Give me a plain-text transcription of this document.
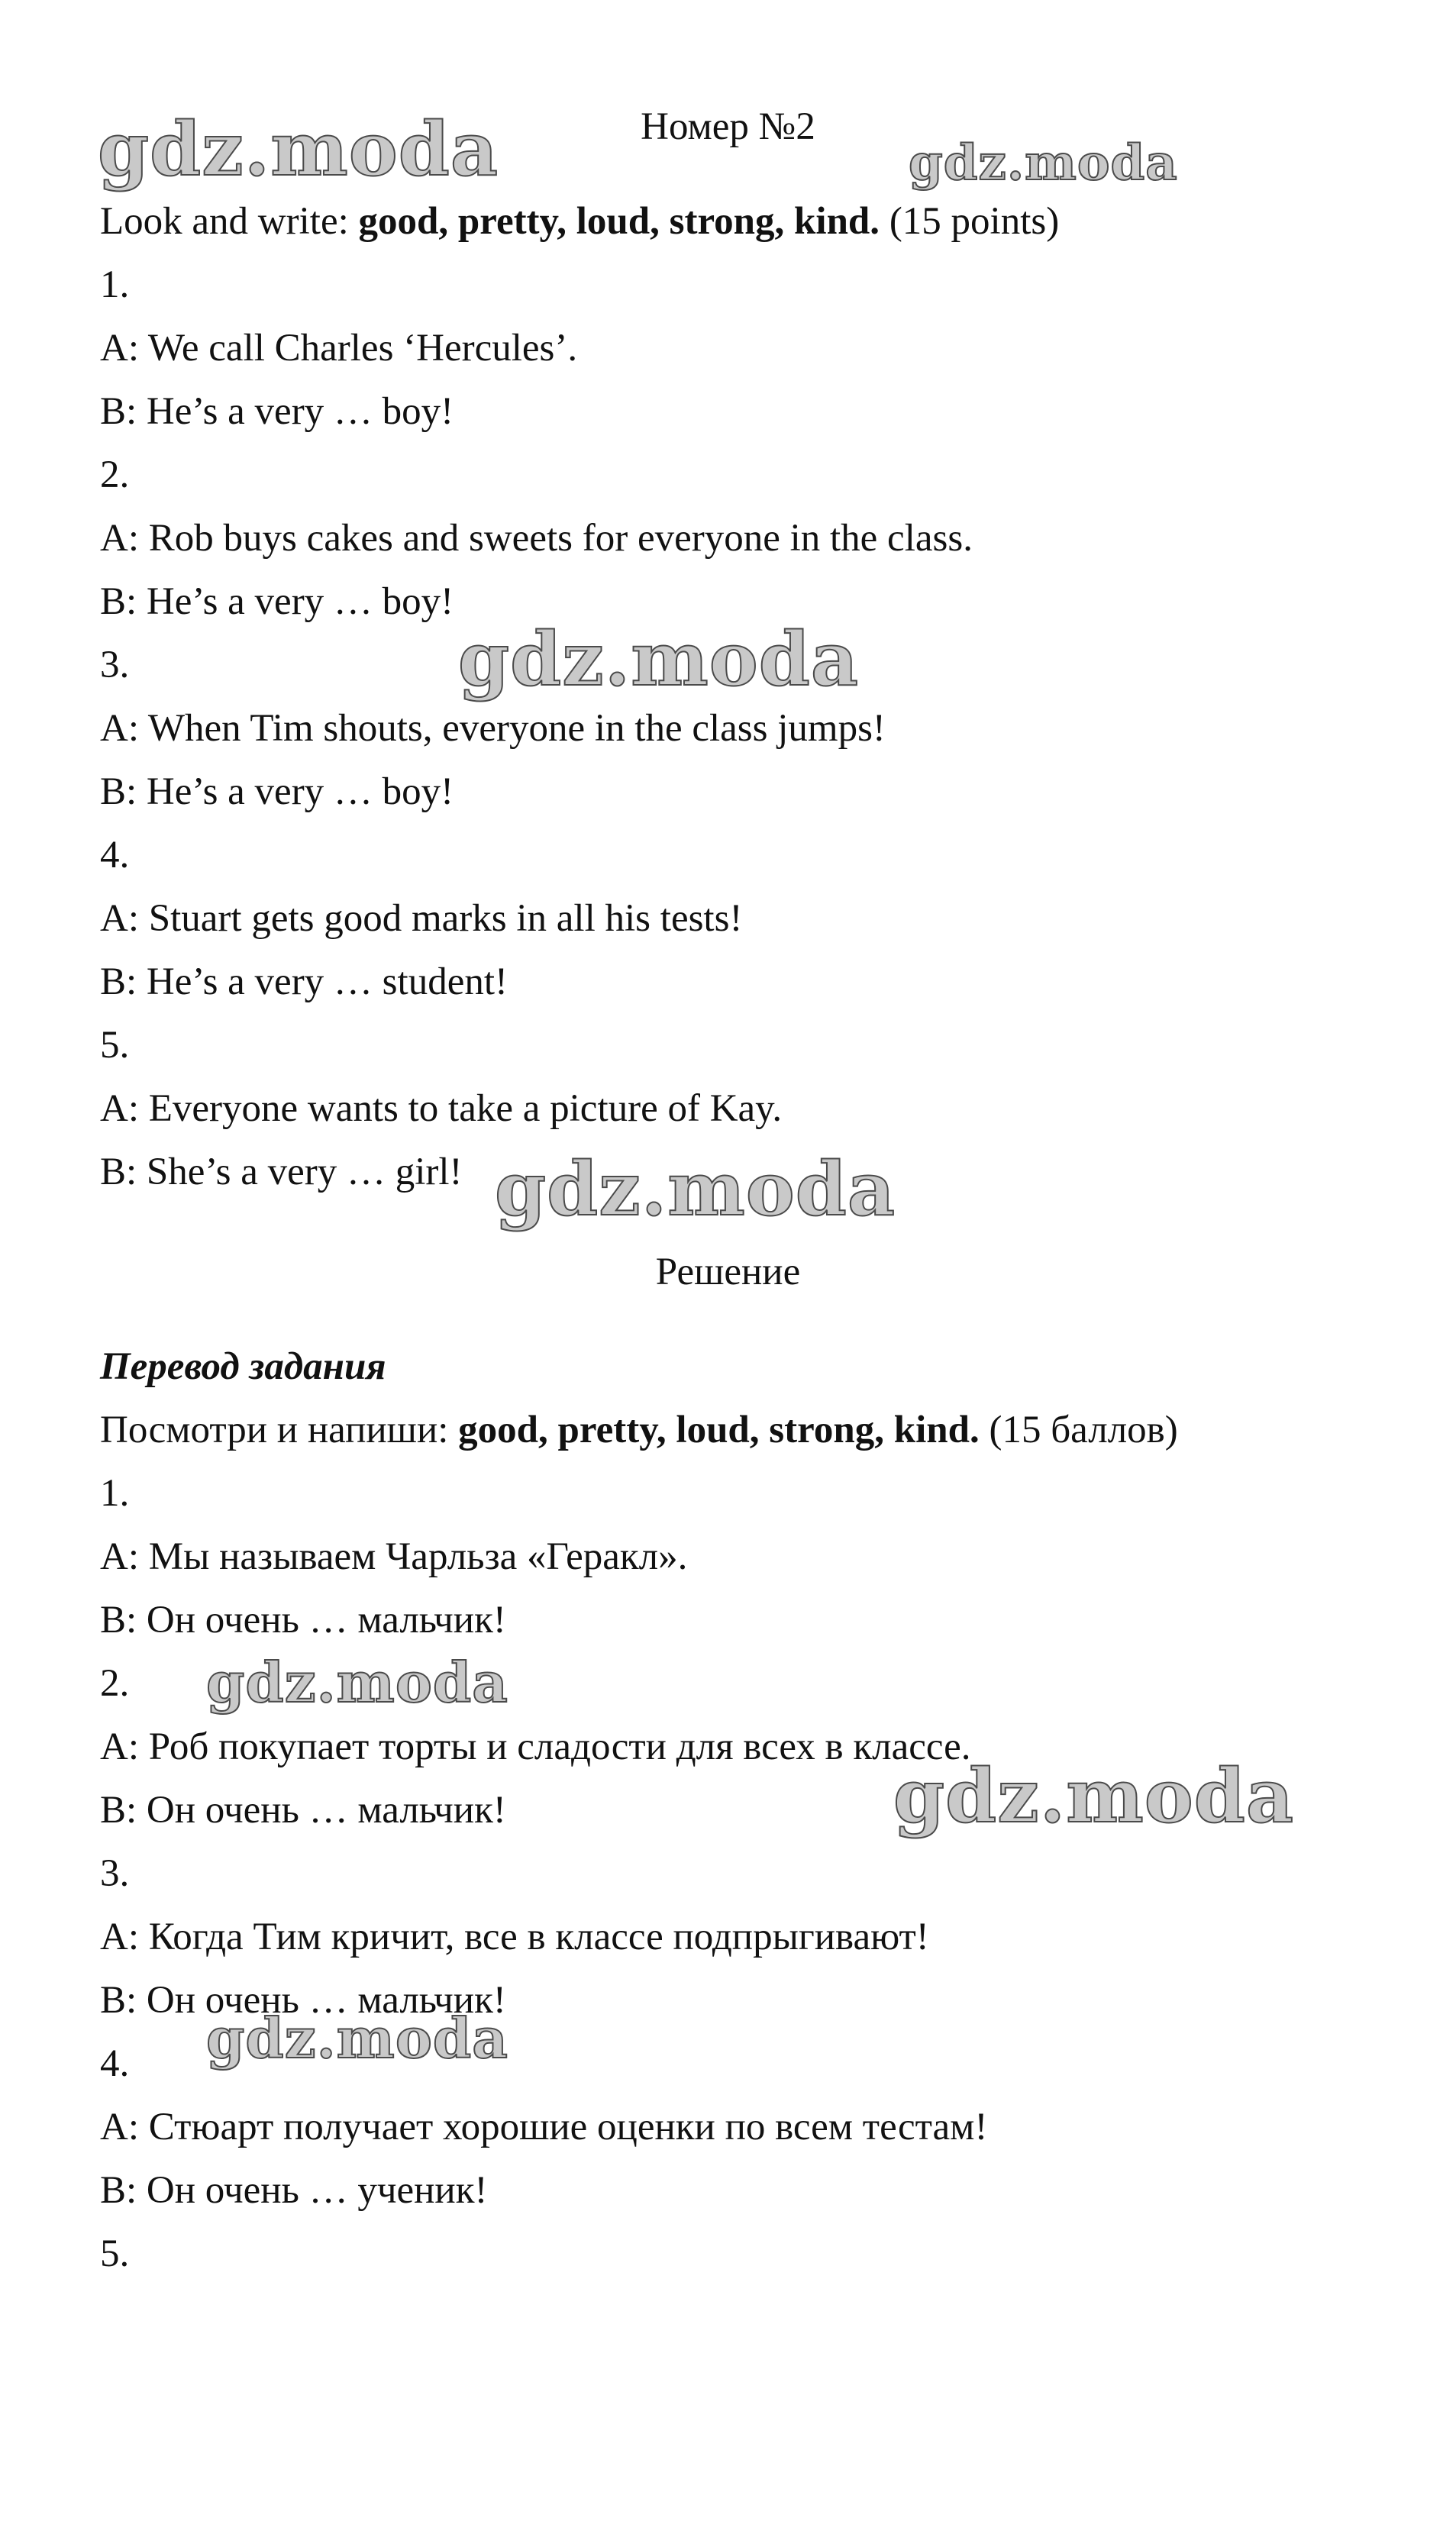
gdz.moda	gdz.moda
gdz.moda
gdz.moda
gdz.moda
gdz.moda
gdz.moda
Номер №2
Look and write: good, pretty, loud, strong, kind. (15 points)
1.
A: We call Charles ‘Hercules’.
B: He’s a very … boy!
2.
A: Rob buys cakes and sweets for everyone in the class.
B: He’s a very … boy!
3.
A: When Tim shouts, everyone in the class jumps!
B: He’s a very … boy!
4.
A: Stuart gets good marks in all his tests!
B: He’s a very … student!
5.
A: Everyone wants to take a picture of Kay.
B: She’s a very … girl!
Решение
Перевод задания
Посмотри и напиши: good, pretty, loud, strong, kind. (15 баллов)
1.
A: Мы называем Чарльза «Геракл».
B: Он очень … мальчик!
2.
A: Роб покупает торты и сладости для всех в классе.
B: Он очень … мальчик!
3.
A: Когда Тим кричит, все в классе подпрыгивают!
B: Он очень … мальчик!
4.
A: Стюарт получает хорошие оценки по всем тестам!
B: Он очень … ученик!
5.
